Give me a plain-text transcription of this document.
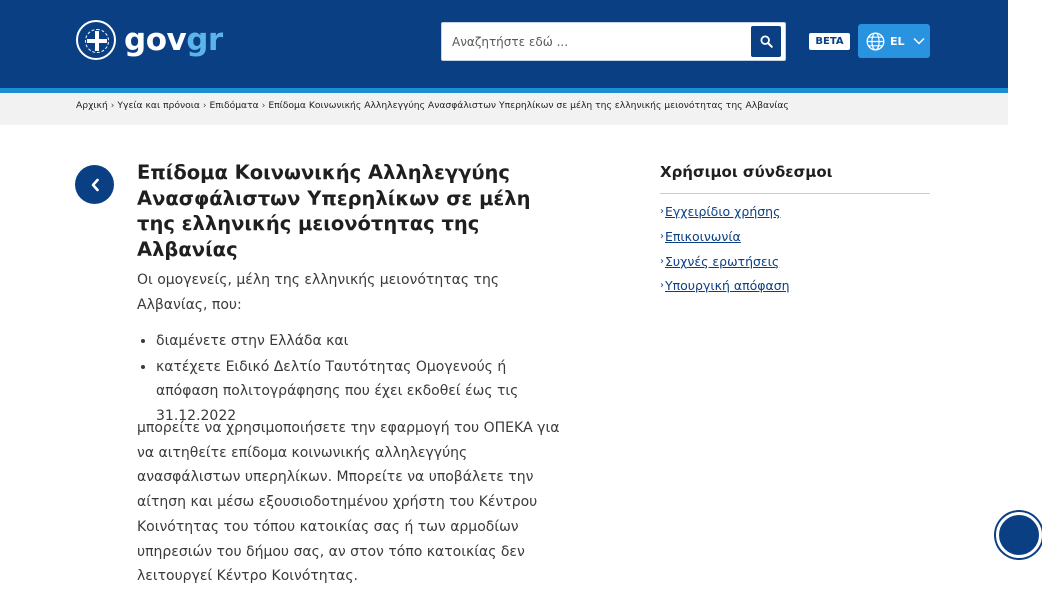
govgr
Αναζητήστε εδώ ...	BETA	EL
Αρχική › Υγεία και πρόνοια › Επιδόματα › Επίδομα Κοινωνικής Αλληλεγγύης Ανασφάλιστων Υπερηλίκων σε μέλη της ελληνικής μειονότητας της Αλβανίας
Επίδομα Κοινωνικής Αλληλεγγύης Ανασφάλιστων Υπερηλίκων σε μέλη της ελληνικής μειονότητας της Αλβανίας

Οι ομογενείς, μέλη της ελληνικής μειονότητας της Αλβανίας, που:

διαμένετε στην Ελλάδα και
κατέχετε Ειδικό Δελτίο Ταυτότητας Ομογενούς ή απόφαση πολιτογράφησης που έχει εκδοθεί έως τις 31.12.2022

μπορείτε να χρησιμοποιήσετε την εφαρμογή του ΟΠΕΚΑ για να αιτηθείτε επίδομα κοινωνικής αλληλεγγύης ανασφάλιστων υπερηλίκων. Μπορείτε να υποβάλετε την αίτηση και μέσω εξουσιοδοτημένου χρήστη του Κέντρου Κοινότητας του τόπου κατοικίας σας ή των αρμοδίων υπηρεσιών του δήμου σας, αν στον τόπο κατοικίας δεν λειτουργεί Κέντρο Κοινότητας.

Χρήσιμοι σύνδεσμοι
› Εγχειρίδιο χρήσης
› Επικοινωνία
› Συχνές ερωτήσεις
› Υπουργική απόφαση
